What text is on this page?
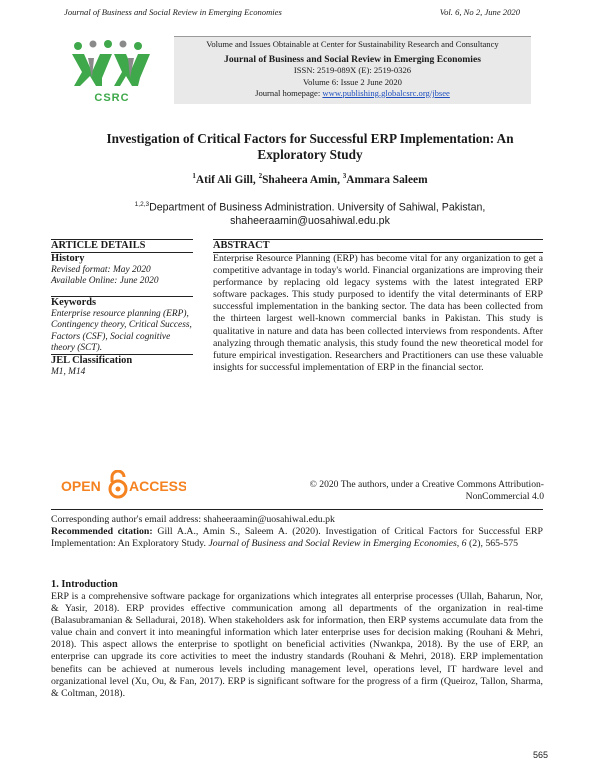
Journal of Business and Social Review in Emerging Economies	Vol. 6, No 2, June 2020
CSRC
Volume and Issues Obtainable at Center for Sustainability Research and Consultancy
Journal of Business and Social Review in Emerging Economies
ISSN: 2519-089X (E): 2519-0326
Volume 6: Issue 2 June 2020
Journal homepage: www.publishing.globalcsrc.org/jbsee
Investigation of Critical Factors for Successful ERP Implementation: An Exploratory Study
$^1$Atif Ali Gill, $^2$Shaheera Amin, $^3$Ammara Saleem
$^{1,2,3}$Department of Business Administration. University of Sahiwal, Pakistan,
shaheeraamin@uosahiwal.edu.pk
ARTICLE DETAILS
History
Revised format: May 2020
Available Online: June 2020
Keywords
Enterprise resource planning (ERP), Contingency theory, Critical Success, Factors (CSF), Social cognitive theory (SCT).
JEL Classification
M1, M14
ABSTRACT
Enterprise Resource Planning (ERP) has become vital for any organization to get a competitive advantage in today's world. Financial organizations are improving their performance by replacing old legacy systems with the latest integrated ERP software packages. This study purposed to identify the vital determinants of ERP successful implementation in the banking sector. The data has been collected from the thirteen largest well-known commercial banks in Pakistan. This study is qualitative in nature and data has been collected interviews from respondents. After analyzing through thematic analysis, this study found the new theoretical model for future empirical investigation. Researchers and Practitioners can use these valuable insights for successful implementation of ERP in the financial sector.
OPEN ACCESS	© 2020 The authors, under a Creative Commons Attribution-
NonCommercial 4.0
Corresponding author's email address: shaheeraamin@uosahiwal.edu.pk
Recommended citation: Gill A.A., Amin S., Saleem A. (2020). Investigation of Critical Factors for Successful ERP Implementation: An Exploratory Study. Journal of Business and Social Review in Emerging Economies, 6 (2), 565-575
1. Introduction
ERP is a comprehensive software package for organizations which integrates all enterprise processes (Ullah, Baharun, Nor, & Yasir, 2018). ERP provides effective communication among all departments of the organization in real-time (Balasubramanian & Selladurai, 2018). When stakeholders ask for information, then ERP systems accumulate data from the value chain and convert it into meaningful information which later enterprise uses for decision making (Rouhani & Mehri, 2018). This aspect allows the enterprise to spotlight on beneficial activities (Nwankpa, 2018). By the use of ERP, an enterprise can upgrade its core activities to meet the industry standards (Rouhani & Mehri, 2018). ERP implementation benefits can be achieved at numerous levels including management level, operations level, IT hardware level and organizational level (Xu, Ou, & Fan, 2017). ERP is significant software for the progress of a firm (Queiroz, Tallon, Sharma, & Coltman, 2018).
565
